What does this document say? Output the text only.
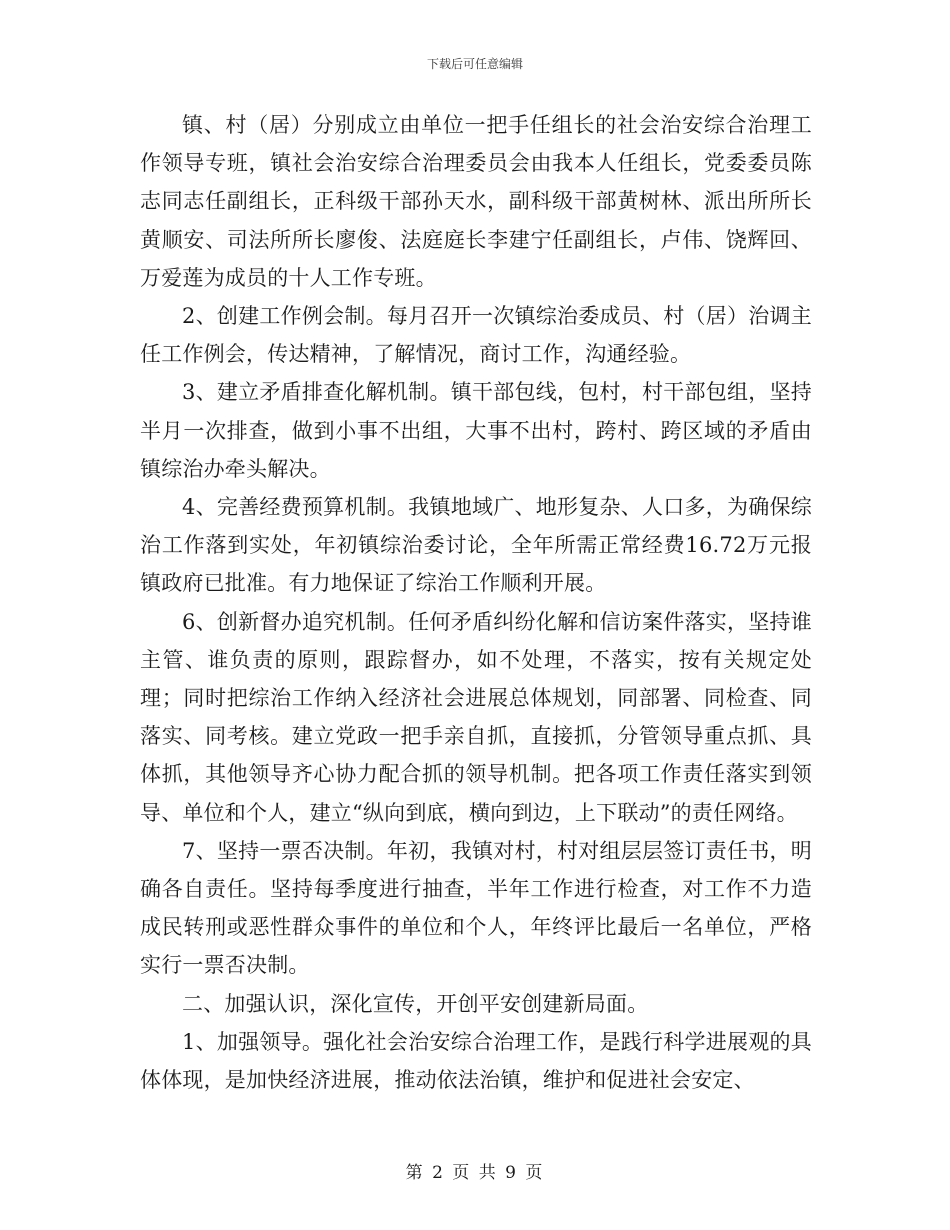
下载后可任意编辑

镇、村（居）分别成立由单位一把手任组长的社会治安综合治理工作领导专班，镇社会治安综合治理委员会由我本人任组长，党委委员陈志同志任副组长，正科级干部孙天水，副科级干部黄树林、派出所所长黄顺安、司法所所长廖俊、法庭庭长李建宁任副组长，卢伟、饶辉回、万爱莲为成员的十人工作专班。

2、创建工作例会制。每月召开一次镇综治委成员、村（居）治调主任工作例会，传达精神，了解情况，商讨工作，沟通经验。

3、建立矛盾排查化解机制。镇干部包线，包村，村干部包组，坚持半月一次排查，做到小事不出组，大事不出村，跨村、跨区域的矛盾由镇综治办牵头解决。

4、完善经费预算机制。我镇地域广、地形复杂、人口多，为确保综治工作落到实处，年初镇综治委讨论，全年所需正常经费16.72万元报镇政府已批准。有力地保证了综治工作顺利开展。

6、创新督办追究机制。任何矛盾纠纷化解和信访案件落实，坚持谁主管、谁负责的原则，跟踪督办，如不处理，不落实，按有关规定处理；同时把综治工作纳入经济社会进展总体规划，同部署、同检查、同落实、同考核。建立党政一把手亲自抓，直接抓，分管领导重点抓、具体抓，其他领导齐心协力配合抓的领导机制。把各项工作责任落实到领导、单位和个人，建立“纵向到底，横向到边，上下联动”的责任网络。

7、坚持一票否决制。年初，我镇对村，村对组层层签订责任书，明确各自责任。坚持每季度进行抽查，半年工作进行检查，对工作不力造成民转刑或恶性群众事件的单位和个人，年终评比最后一名单位，严格实行一票否决制。

二、加强认识，深化宣传，开创平安创建新局面。

1、加强领导。强化社会治安综合治理工作，是践行科学进展观的具体体现，是加快经济进展，推动依法治镇，维护和促进社会安定、

第 2 页 共 9 页
